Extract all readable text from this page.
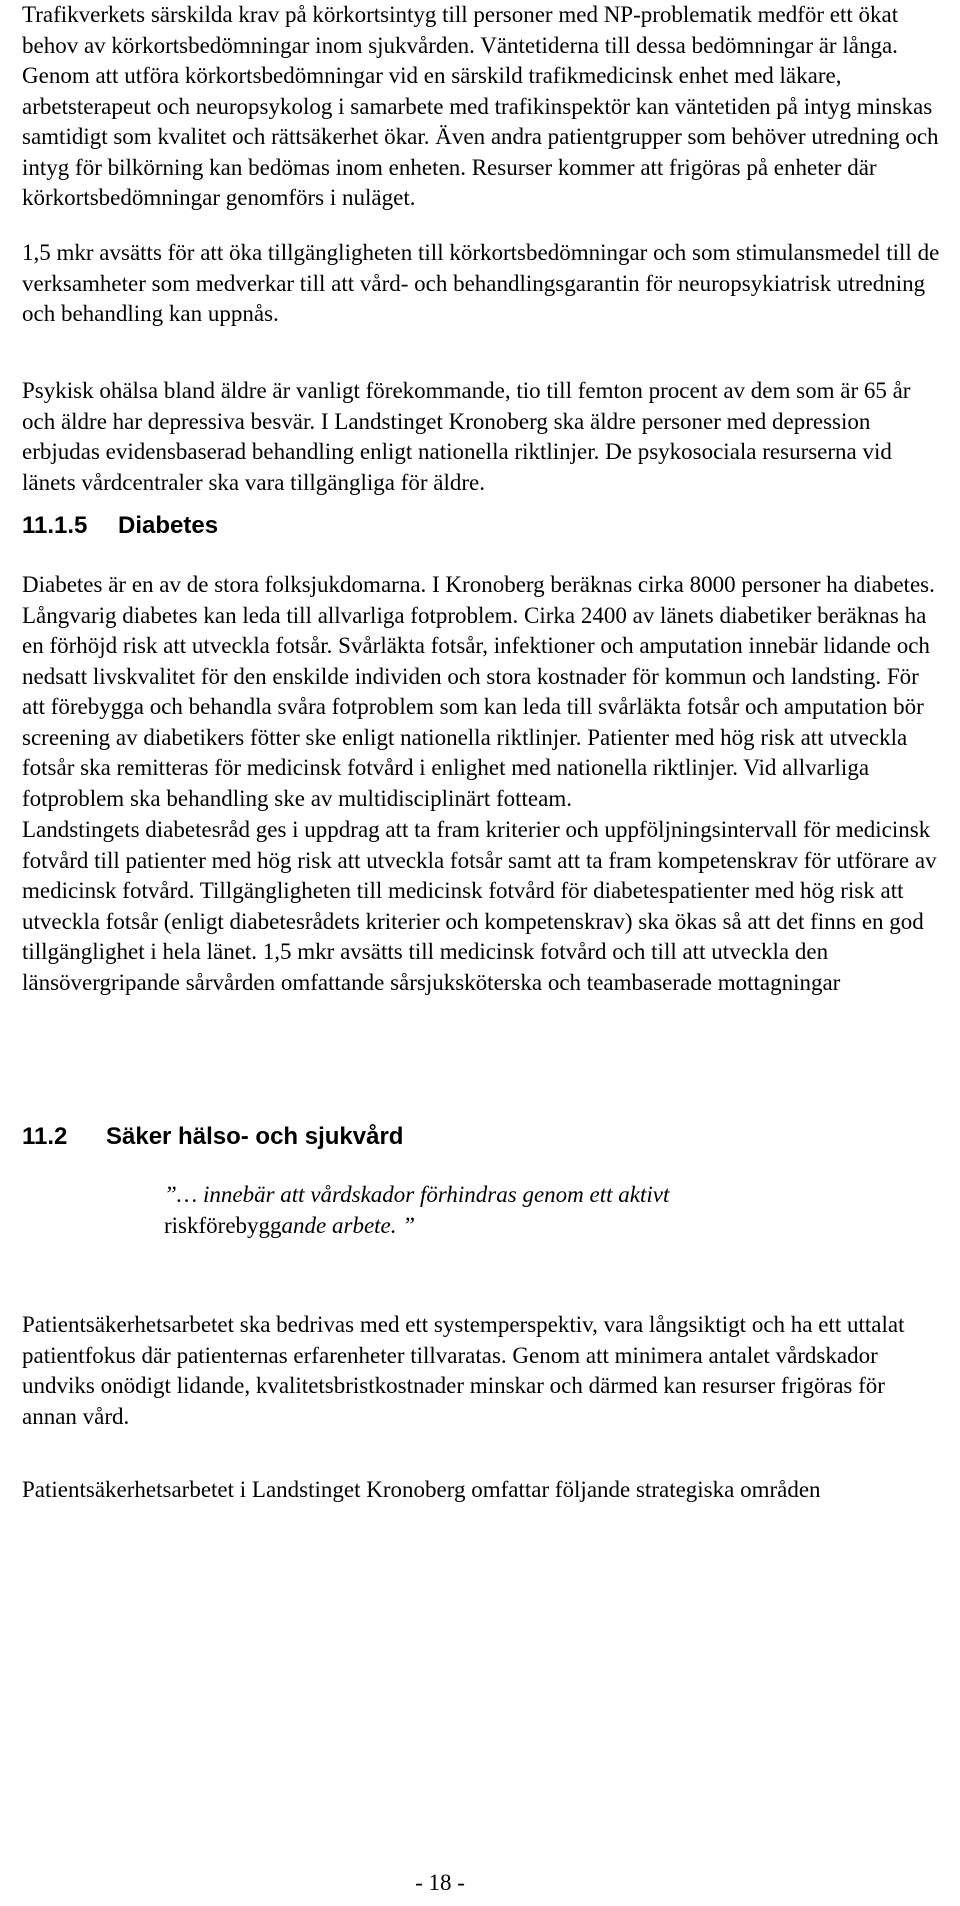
Trafikverkets särskilda krav på körkortsintyg till personer med NP-problematik medför ett ökat behov av körkortsbedömningar inom sjukvården. Väntetiderna till dessa bedömningar är långa. Genom att utföra körkortsbedömningar vid en särskild trafikmedicinsk enhet med läkare, arbetsterapeut och neuropsykolog i samarbete med trafikinspektör kan väntetiden på intyg minskas samtidigt som kvalitet och rättsäkerhet ökar. Även andra patientgrupper som behöver utredning och intyg för bilkörning kan bedömas inom enheten. Resurser kommer att frigöras på enheter där körkortsbedömningar genomförs i nuläget.

1,5 mkr avsätts för att öka tillgängligheten till körkortsbedömningar och som stimulansmedel till de verksamheter som medverkar till att vård- och behandlingsgarantin för neuropsykiatrisk utredning och behandling kan uppnås.

Psykisk ohälsa bland äldre är vanligt förekommande, tio till femton procent av dem som är 65 år och äldre har depressiva besvär. I Landstinget Kronoberg ska äldre personer med depression erbjudas evidensbaserad behandling enligt nationella riktlinjer. De psykosociala resurserna vid länets vårdcentraler ska vara tillgängliga för äldre.

11.1.5 Diabetes

Diabetes är en av de stora folksjukdomarna. I Kronoberg beräknas cirka 8000 personer ha diabetes. Långvarig diabetes kan leda till allvarliga fotproblem. Cirka 2400 av länets diabetiker beräknas ha en förhöjd risk att utveckla fotsår. Svårläkta fotsår, infektioner och amputation innebär lidande och nedsatt livskvalitet för den enskilde individen och stora kostnader för kommun och landsting. För att förebygga och behandla svåra fotproblem som kan leda till svårläkta fotsår och amputation bör screening av diabetikers fötter ske enligt nationella riktlinjer. Patienter med hög risk att utveckla fotsår ska remitteras för medicinsk fotvård i enlighet med nationella riktlinjer. Vid allvarliga fotproblem ska behandling ske av multidisciplinärt fotteam.

Landstingets diabetesråd ges i uppdrag att ta fram kriterier och uppföljningsintervall för medicinsk fotvård till patienter med hög risk att utveckla fotsår samt att ta fram kompetenskrav för utförare av medicinsk fotvård. Tillgängligheten till medicinsk fotvård för diabetespatienter med hög risk att utveckla fotsår (enligt diabetesrådets kriterier och kompetenskrav) ska ökas så att det finns en god tillgänglighet i hela länet. 1,5 mkr avsätts till medicinsk fotvård och till att utveckla den länsövergripande sårvården omfattande sårsjuksköterska och teambaserade mottagningar

11.2 Säker hälso- och sjukvård
”… innebär att vårdskador förhindras genom ett aktivt
riskförebyggande arbete. ”

Patientsäkerhetsarbetet ska bedrivas med ett systemperspektiv, vara långsiktigt och ha ett uttalat patientfokus där patienternas erfarenheter tillvaratas. Genom att minimera antalet vårdskador undviks onödigt lidande, kvalitetsbristkostnader minskar och därmed kan resurser frigöras för annan vård.

Patientsäkerhetsarbetet i Landstinget Kronoberg omfattar följande strategiska områden

- 18 -
